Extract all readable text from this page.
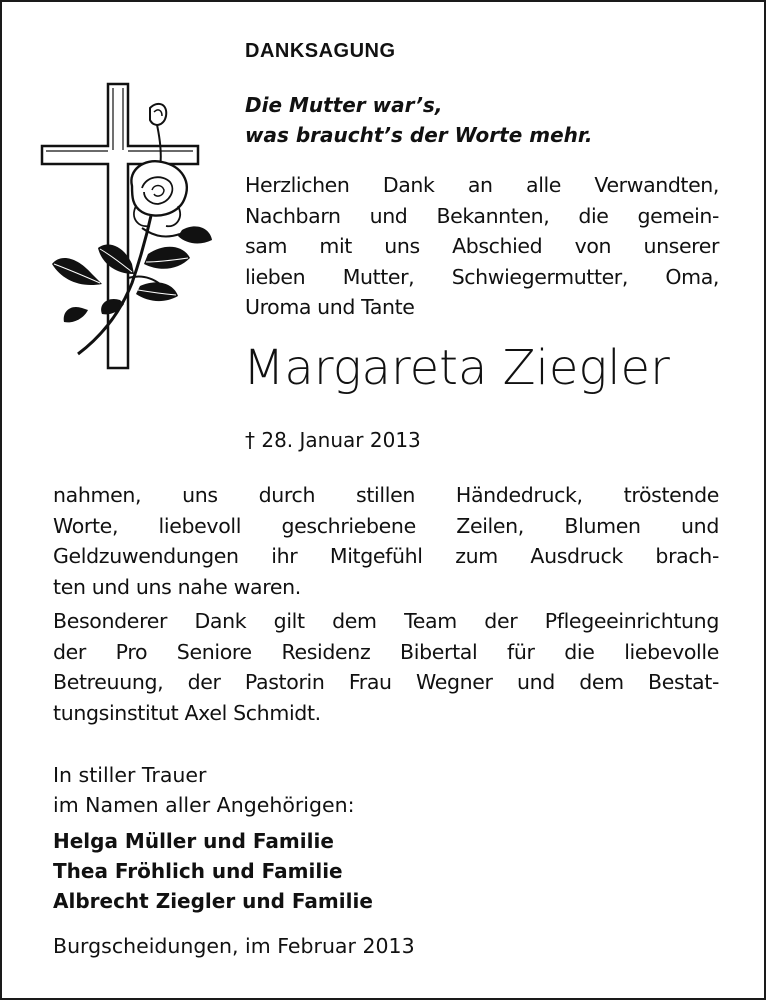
DANKSAGUNG

Die Mutter war’s,
was braucht’s der Worte mehr.

Herzlichen Dank an alle Verwandten,
Nachbarn und Bekannten, die gemein-
sam mit uns Abschied von unserer
lieben Mutter, Schwiegermutter, Oma,
Uroma und Tante

Margareta Ziegler

† 28. Januar 2013

nahmen, uns durch stillen Händedruck, tröstende
Worte, liebevoll geschriebene Zeilen, Blumen und
Geldzuwendungen ihr Mitgefühl zum Ausdruck brach-
ten und uns nahe waren.

Besonderer Dank gilt dem Team der Pflegeeinrichtung
der Pro Seniore Residenz Bibertal für die liebevolle
Betreuung, der Pastorin Frau Wegner und dem Bestat-
tungsinstitut Axel Schmidt.

In stiller Trauer
im Namen aller Angehörigen:

Helga Müller und Familie
Thea Fröhlich und Familie
Albrecht Ziegler und Familie

Burgscheidungen, im Februar 2013
